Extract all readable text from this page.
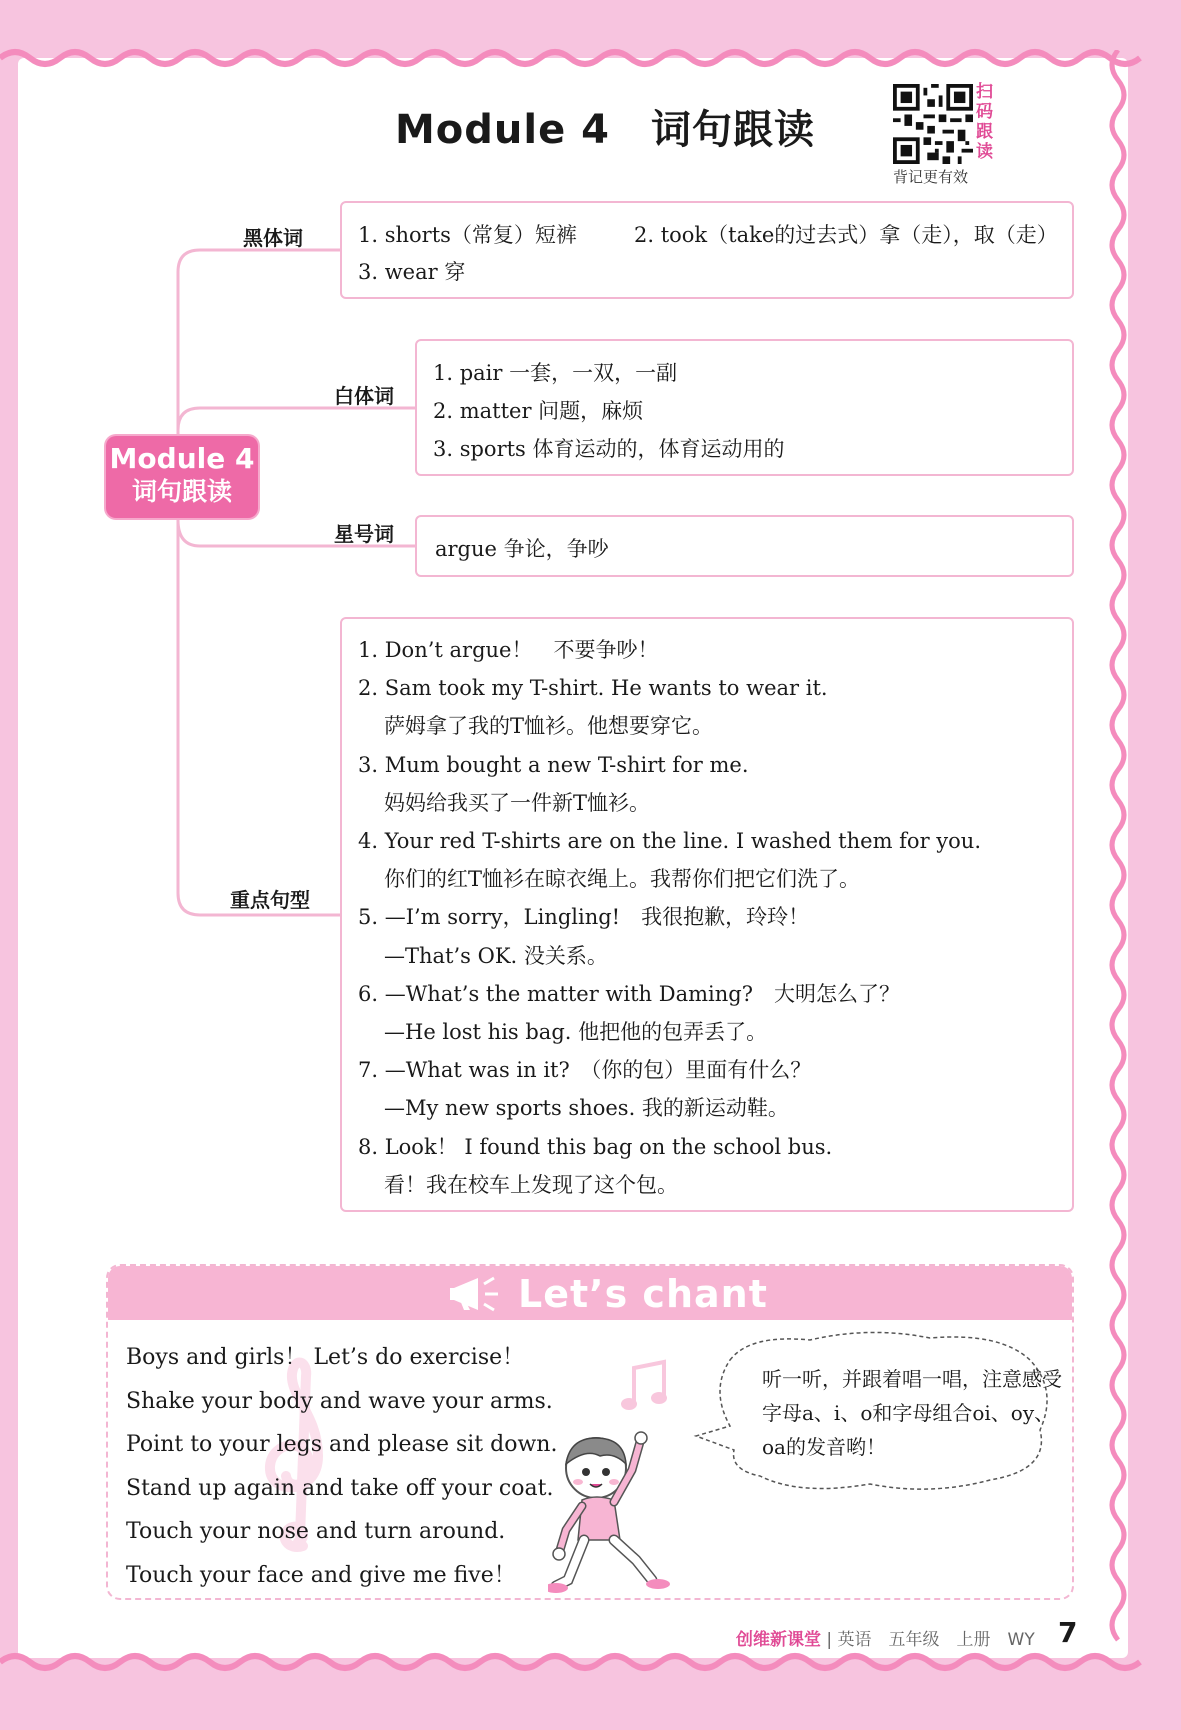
Module 4　词句跟读
扫码跟读
背记更有效
Module 4
词句跟读
黑体词	1. shorts（常复）短裤	2. took（take的过去式）拿（走），取（走）
3. wear 穿
白体词
1. pair 一套，一双，一副
2. matter 问题，麻烦
3. sports 体育运动的，体育运动用的
星号词
argue 争论，争吵
重点句型
1. Don’t argue！　不要争吵！
2. Sam took my T-shirt. He wants to wear it.
萨姆拿了我的T恤衫。他想要穿它。
3. Mum bought a new T-shirt for me.
妈妈给我买了一件新T恤衫。
4. Your red T-shirts are on the line. I washed them for you.
你们的红T恤衫在晾衣绳上。我帮你们把它们洗了。
5. —I’m sorry，Lingling!　我很抱歉，玲玲！
—That’s OK. 没关系。
6. —What’s the matter with Daming?　大明怎么了？
—He lost his bag. 他把他的包弄丢了。
7. —What was in it?　（你的包）里面有什么？
—My new sports shoes. 我的新运动鞋。
8. Look！ I found this bag on the school bus.
看！我在校车上发现了这个包。
Let’s chant
Boys and girls！ Let’s do exercise！
Shake your body and wave your arms.
Point to your legs and please sit down.
Stand up again and take off your coat.
Touch your nose and turn around.
Touch your face and give me five！
听一听，并跟着唱一唱，注意感受字母a、i、o和字母组合oi、oy、oa的发音哟！
创维新课堂 | 英语　五年级　上册　WY 7
